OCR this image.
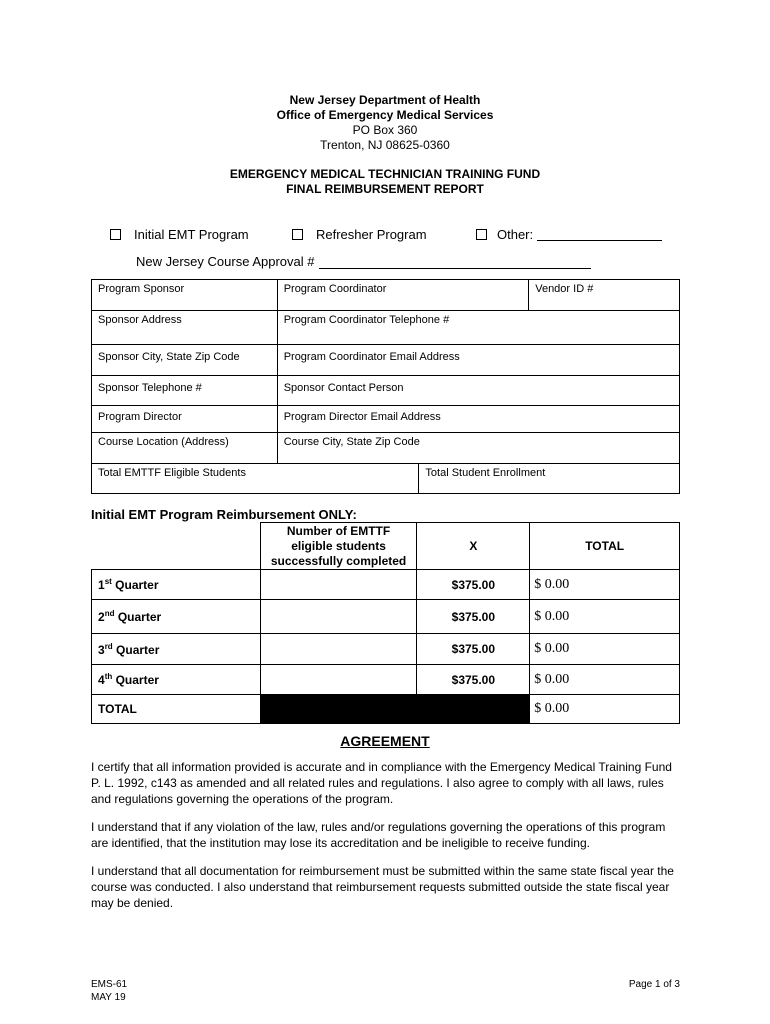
New Jersey Department of Health
Office of Emergency Medical Services
PO Box 360
Trenton, NJ 08625-0360
EMERGENCY MEDICAL TECHNICIAN TRAINING FUND
FINAL REIMBURSEMENT REPORT
Initial EMT Program	Refresher Program	Other:
New Jersey Course Approval #
Program Sponsor	Program Coordinator		Vendor ID #
Sponsor Address	Program Coordinator Telephone #		
Sponsor City, State Zip Code	Program Coordinator Email Address		
Sponsor Telephone #	Sponsor Contact Person		
Program Director	Program Director Email Address		
Course Location (Address)	Course City, State Zip Code		
Total EMTTF Eligible Students		Total Student Enrollment	
Initial EMT Program Reimbursement ONLY:
	Number of EMTTF eligible students successfully completed	X	TOTAL
1st Quarter		$375.00	$ 0.00
2nd Quarter		$375.00	$ 0.00
3rd Quarter		$375.00	$ 0.00
4th Quarter		$375.00	$ 0.00
TOTAL			$ 0.00
AGREEMENT
I certify that all information provided is accurate and in compliance with the Emergency Medical Training Fund P. L. 1992, c143 as amended and all related rules and regulations. I also agree to comply with all laws, rules and regulations governing the operations of the program.
I understand that if any violation of the law, rules and/or regulations governing the operations of this program are identified, that the institution may lose its accreditation and be ineligible to receive funding.
I understand that all documentation for reimbursement must be submitted within the same state fiscal year the course was conducted. I also understand that reimbursement requests submitted outside the state fiscal year may be denied.
EMS-61
MAY 19
Page 1 of 3
